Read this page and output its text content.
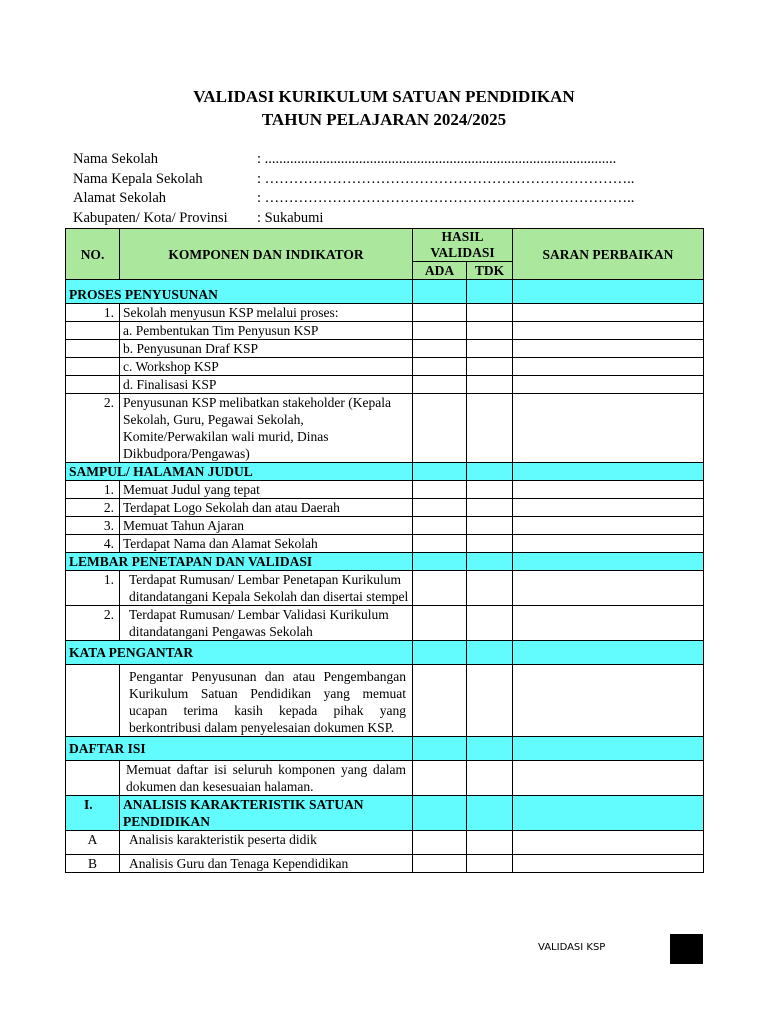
VALIDASI KURIKULUM SATUAN PENDIDIKAN
TAHUN PELAJARAN 2024/2025
Nama Sekolah	: .................................................................................................
Nama Kepala Sekolah	: …………………………………………………………………..
Alamat Sekolah	: …………………………………………………………………..
Kabupaten/ Kota/ Provinsi	: Sukabumi
NO.	KOMPONEN DAN INDIKATOR	HASIL VALIDASI		SARAN PERBAIKAN
		ADA	TDK	
PROSES PENYUSUNAN				
1.	Sekolah menyusun KSP melalui proses:			
	a. Pembentukan Tim Penyusun KSP			
	b. Penyusunan Draf KSP			
	c. Workshop KSP			
	d. Finalisasi KSP			
2.	Penyusunan KSP melibatkan stakeholder (Kepala Sekolah, Guru, Pegawai Sekolah, Komite/Perwakilan wali murid, Dinas Dikbudpora/Pengawas)			
SAMPUL/ HALAMAN JUDUL				
1.	Memuat Judul yang tepat			
2.	Terdapat Logo Sekolah dan atau Daerah			
3.	Memuat Tahun Ajaran			
4.	Terdapat Nama dan Alamat Sekolah			
LEMBAR PENETAPAN DAN VALIDASI				
1.	Terdapat Rumusan/ Lembar Penetapan Kurikulum ditandatangani Kepala Sekolah dan disertai stempel			
2.	Terdapat Rumusan/ Lembar Validasi Kurikulum ditandatangani Pengawas Sekolah			
KATA PENGANTAR				
	Pengantar Penyusunan dan atau Pengembangan Kurikulum Satuan Pendidikan yang memuat ucapan terima kasih kepada pihak yang berkontribusi dalam penyelesaian dokumen KSP.			
DAFTAR ISI				
	Memuat daftar isi seluruh komponen yang dalam dokumen dan kesesuaian halaman.			
I.	ANALISIS KARAKTERISTIK SATUAN PENDIDIKAN			
A	Analisis karakteristik peserta didik			
B	Analisis Guru dan Tenaga Kependidikan			
VALIDASI KSP
